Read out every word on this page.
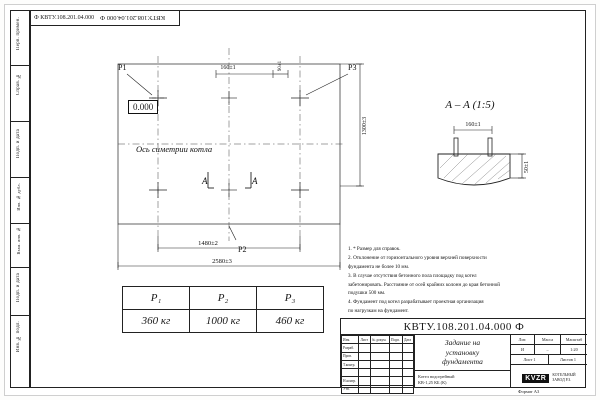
Перв. примен.
Справ. №
Подп. и дата
Инв. № дубл.
Взам. инв. №
Подп. и дата
Инв. № подл.
Ф КВТУ.108.201.04.000 КВТУ.108.201.04.000 Ф
160±1	90±1
1300±3
1480±2
2580±3
Р1
Р2
Р3
А	А
Ось симетрии котла
А – А (1:5)
160±1
50±1
0.000
Р₁	Р₂	Р₃
360 кг	1000 кг	460 кг
1. * Размер для справок.
2. Отклонение от горизонтального уровня верхней поверхности
фундамента не более 10 мм.
3. В случае отсутствия бетонного пола площадку под котел
забетонировать. Расстояние от осей крайних колонн до края бетонной
подушки 500 мм.
4. Фундамент под котел разрабатывает проектная организация
по нагрузкам на фундамент.
КВТУ.108.201.04.000 Ф
Изм.	Лист	№ докум.	Подп.	Дата
Разраб.				
Пров.				
Т.контр.				

Н.контр.				
Утв.				
Задание на
установку
фундамента
Котел водогрейный
КВ-1,25 КБ (К)
Лит.	Масса	Масштаб
И	–	1:20
Лист 1	Листов 1
KVZR	КОТЕЛЬНЫЙ
ЗАВОД Р.З.
Формат А3
